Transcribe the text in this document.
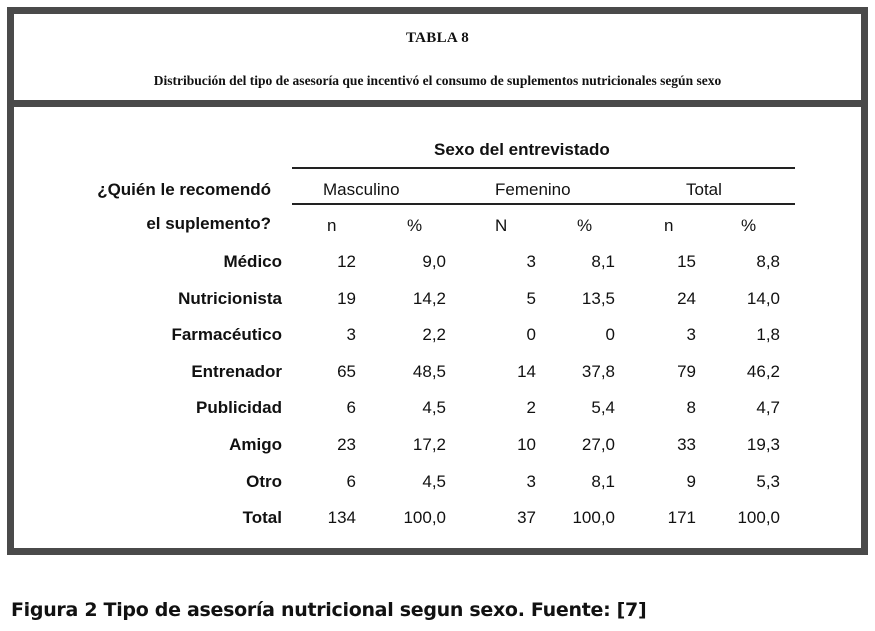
TABLA 8
Distribución del tipo de asesoría que incentivó el consumo de suplementos nutricionales según sexo
Sexo del entrevistado
¿Quién le recomendó
el suplemento?
Masculino	Femenino	Total
n	%	N	%	n	%
Médico	12	9,0	3	8,1	15	8,8
Nutricionista	19	14,2	5	13,5	24	14,0
Farmacéutico	3	2,2	0	0	3	1,8
Entrenador	65	48,5	14	37,8	79	46,2
Publicidad	6	4,5	2	5,4	8	4,7
Amigo	23	17,2	10	27,0	33	19,3
Otro	6	4,5	3	8,1	9	5,3
Total	134	100,0	37 100,0	171 100,0
Figura 2 Tipo de asesoría nutricional segun sexo. Fuente: [7]
